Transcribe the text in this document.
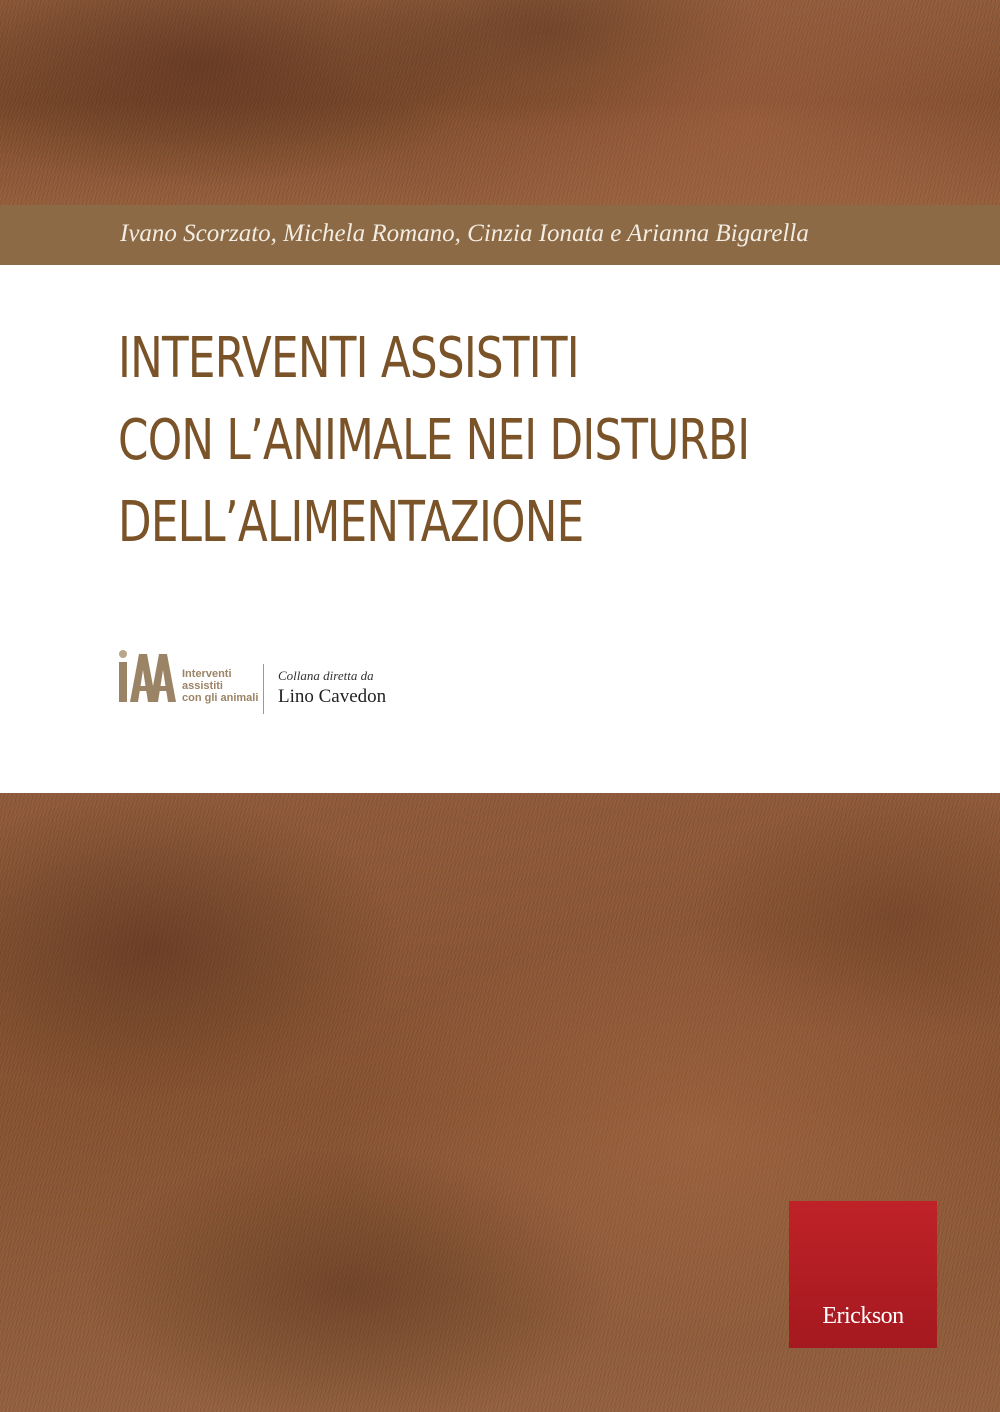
Ivano Scorzato, Michela Romano, Cinzia Ionata e Arianna Bigarella
INTERVENTI ASSISTITI
CON L’ANIMALE NEI DISTURBI
DELL’ALIMENTAZIONE
Interventi
assistiti
con gli animali
Collana diretta da
Lino Cavedon
Erickson
